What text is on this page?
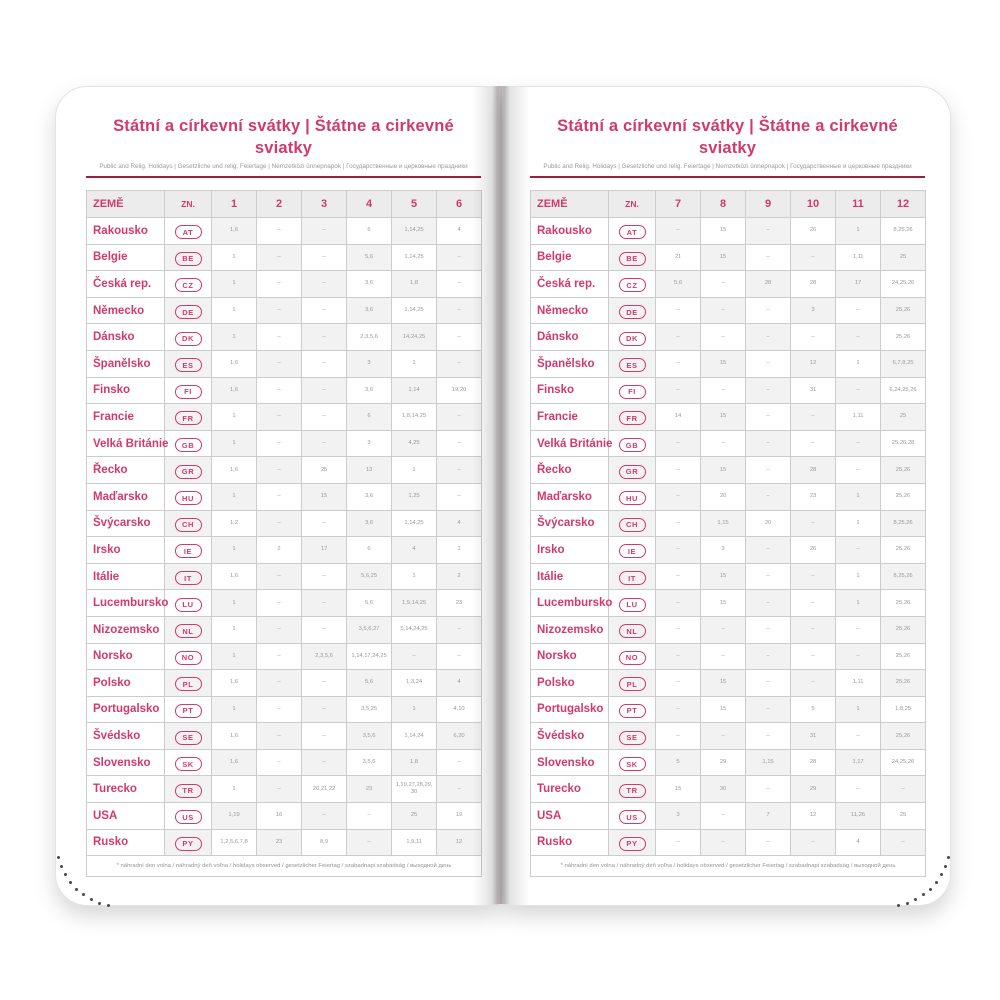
Státní a církevní svátky | Štátne a cirkevné sviatky
Public and Relig. Holidays | Gesetzliche und relig. Feiertage | Nemzetközi ünnepnapok | Государственные и церковные праздники
ZEMĚ	ZN.	1	2	3	4	5	6
Rakousko	AT	1, 6	–	–	6	1, 14, 25	4
Belgie	BE	1	–	–	5, 6	1, 14, 25	–
Česká rep.	CZ	1	–	–	3, 6	1, 8	–
Německo	DE	1	–	–	3, 6	1, 14, 25	–
Dánsko	DK	1	–	–	2, 3, 5, 6	14, 24, 25	–
Španělsko	ES	1, 6	–	–	3	1	–
Finsko	FI	1, 6	–	–	3, 6	1, 14	19, 20
Francie	FR	1	–	–	6	1, 8, 14, 25	–
Velká Británie	GB	1	–	–	3	4, 25	–
Řecko	GR	1, 6	–	25	13	1	–
Maďarsko	HU	1	–	15	3, 6	1, 25	–
Švýcarsko	CH	1, 2	–	–	3, 6	1, 14, 25	4
Irsko	IE	1	2	17	6	4	1
Itálie	IT	1, 6	–	–	5, 6, 25	1	2
Lucembursko	LU	1	–	–	5, 6	1, 9, 14, 25	23
Nizozemsko	NL	1	–	–	3, 5, 6, 27	5, 14, 24, 25	–
Norsko	NO	1	–	2, 3, 5, 6	1, 14, 17, 24, 25	–	–
Polsko	PL	1, 6	–	–	5, 6	1, 3, 24	4
Portugalsko	PT	1	–	–	3, 5, 25	1	4, 10
Švédsko	SE	1, 6	–	–	3, 5, 6	1, 14, 24	6, 20
Slovensko	SK	1, 6	–	–	3, 5, 6	1, 8	–
Turecko	TR	1	–	20, 21, 22	23	1, 19, 27, 28, 29, 30	–
USA	US	1, 19	16	–	–	25	19
Rusko	PY	1, 2, 5, 6, 7, 8	23	8, 9	–	1, 9, 11	12
* náhradní den volna / náhradný deň voľna / holidays observed / gesetzlicher Feiertag / szabadnapi szabadság / выходной день							
Státní a církevní svátky | Štátne a cirkevné sviatky
Public and Relig. Holidays | Gesetzliche und relig. Feiertage | Nemzetközi ünnepnapok | Государственные и церковные праздники
ZEMĚ	ZN.	7	8	9	10	11	12
Rakousko	AT	–	15	–	26	1	8, 25, 26
Belgie	BE	21	15	–	–	1, 11	25
Česká rep.	CZ	5, 6	–	28	28	17	24, 25, 26
Německo	DE	–	–	–	3	–	25, 26
Dánsko	DK	–	–	–	–	–	25, 26
Španělsko	ES	–	15	–	12	1	6, 7, 8, 25
Finsko	FI	–	–	–	31	–	6, 24, 25, 26
Francie	FR	14	15	–	–	1, 11	25
Velká Británie	GB	–	–	–	–	–	25, 26, 28
Řecko	GR	–	15	–	28	–	25, 26
Maďarsko	HU	–	20	–	23	1	25, 26
Švýcarsko	CH	–	1, 15	20	–	1	8, 25, 26
Irsko	IE	–	3	–	26	–	25, 26
Itálie	IT	–	15	–	–	1	8, 25, 26
Lucembursko	LU	–	15	–	–	1	25, 26
Nizozemsko	NL	–	–	–	–	–	25, 26
Norsko	NO	–	–	–	–	–	25, 26
Polsko	PL	–	15	–	–	1, 11	25, 26
Portugalsko	PT	–	15	–	5	1	1, 8, 25
Švédsko	SE	–	–	–	31	–	25, 26
Slovensko	SK	5	29	1, 15	28	1, 17	24, 25, 26
Turecko	TR	15	30	–	29	–	–
USA	US	3	–	7	12	11, 26	25
Rusko	PY	–	–	–	–	4	–
* náhradní den volna / náhradný deň voľna / holidays observed / gesetzlicher Feiertag / szabadnapi szabadság / выходной день							
